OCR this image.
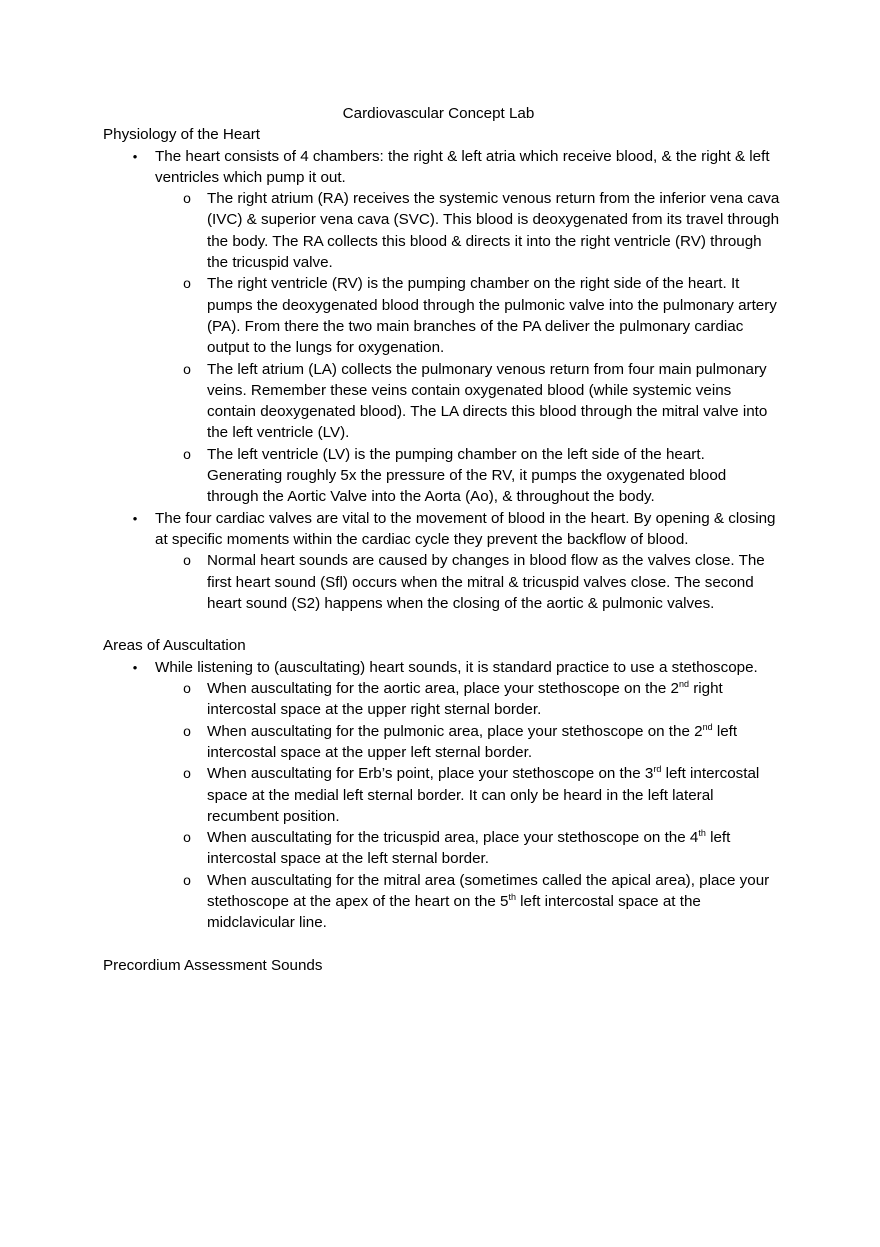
Cardiovascular Concept Lab

Physiology of the Heart

• The heart consists of 4 chambers: the right & left atria which receive blood, & the right & left ventricles which pump it out.
o The right atrium (RA) receives the systemic venous return from the inferior vena cava (IVC) & superior vena cava (SVC). This blood is deoxygenated from its travel through the body. The RA collects this blood & directs it into the right ventricle (RV) through the tricuspid valve.
o The right ventricle (RV) is the pumping chamber on the right side of the heart. It pumps the deoxygenated blood through the pulmonic valve into the pulmonary artery (PA). From there the two main branches of the PA deliver the pulmonary cardiac output to the lungs for oxygenation.
o The left atrium (LA) collects the pulmonary venous return from four main pulmonary veins. Remember these veins contain oxygenated blood (while systemic veins contain deoxygenated blood). The LA directs this blood through the mitral valve into the left ventricle (LV).
o The left ventricle (LV) is the pumping chamber on the left side of the heart. Generating roughly 5x the pressure of the RV, it pumps the oxygenated blood through the Aortic Valve into the Aorta (Ao), & throughout the body.
• The four cardiac valves are vital to the movement of blood in the heart. By opening & closing at specific moments within the cardiac cycle they prevent the backflow of blood.
o Normal heart sounds are caused by changes in blood flow as the valves close. The first heart sound (Sfl) occurs when the mitral & tricuspid valves close. The second heart sound (S2) happens when the closing of the aortic & pulmonic valves.

Areas of Auscultation

• While listening to (auscultating) heart sounds, it is standard practice to use a stethoscope.
o When auscultating for the aortic area, place your stethoscope on the 2nd right intercostal space at the upper right sternal border.
o When auscultating for the pulmonic area, place your stethoscope on the 2nd left intercostal space at the upper left sternal border.
o When auscultating for Erb’s point, place your stethoscope on the 3rd left intercostal space at the medial left sternal border. It can only be heard in the left lateral recumbent position.
o When auscultating for the tricuspid area, place your stethoscope on the 4th left intercostal space at the left sternal border.
o When auscultating for the mitral area (sometimes called the apical area), place your stethoscope at the apex of the heart on the 5th left intercostal space at the midclavicular line.

Precordium Assessment Sounds
